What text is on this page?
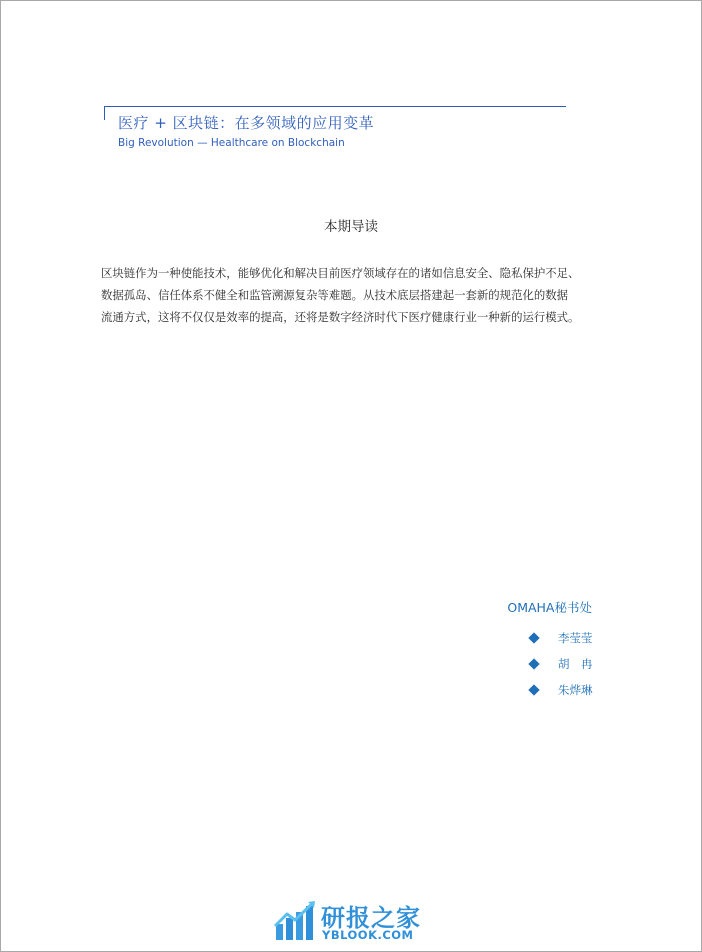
医疗 + 区块链：在多领域的应用变革
Big Revolution — Healthcare on Blockchain
本期导读

区块链作为一种使能技术，能够优化和解决目前医疗领域存在的诸如信息安全、隐私保护不足、
数据孤岛、信任体系不健全和监管溯源复杂等难题。从技术底层搭建起一套新的规范化的数据
流通方式，这将不仅仅是效率的提高，还将是数字经济时代下医疗健康行业一种新的运行模式。

OMAHA秘书处
李莹莹
胡　冉
朱烨琳
研报之家
YBLOOK.COM
